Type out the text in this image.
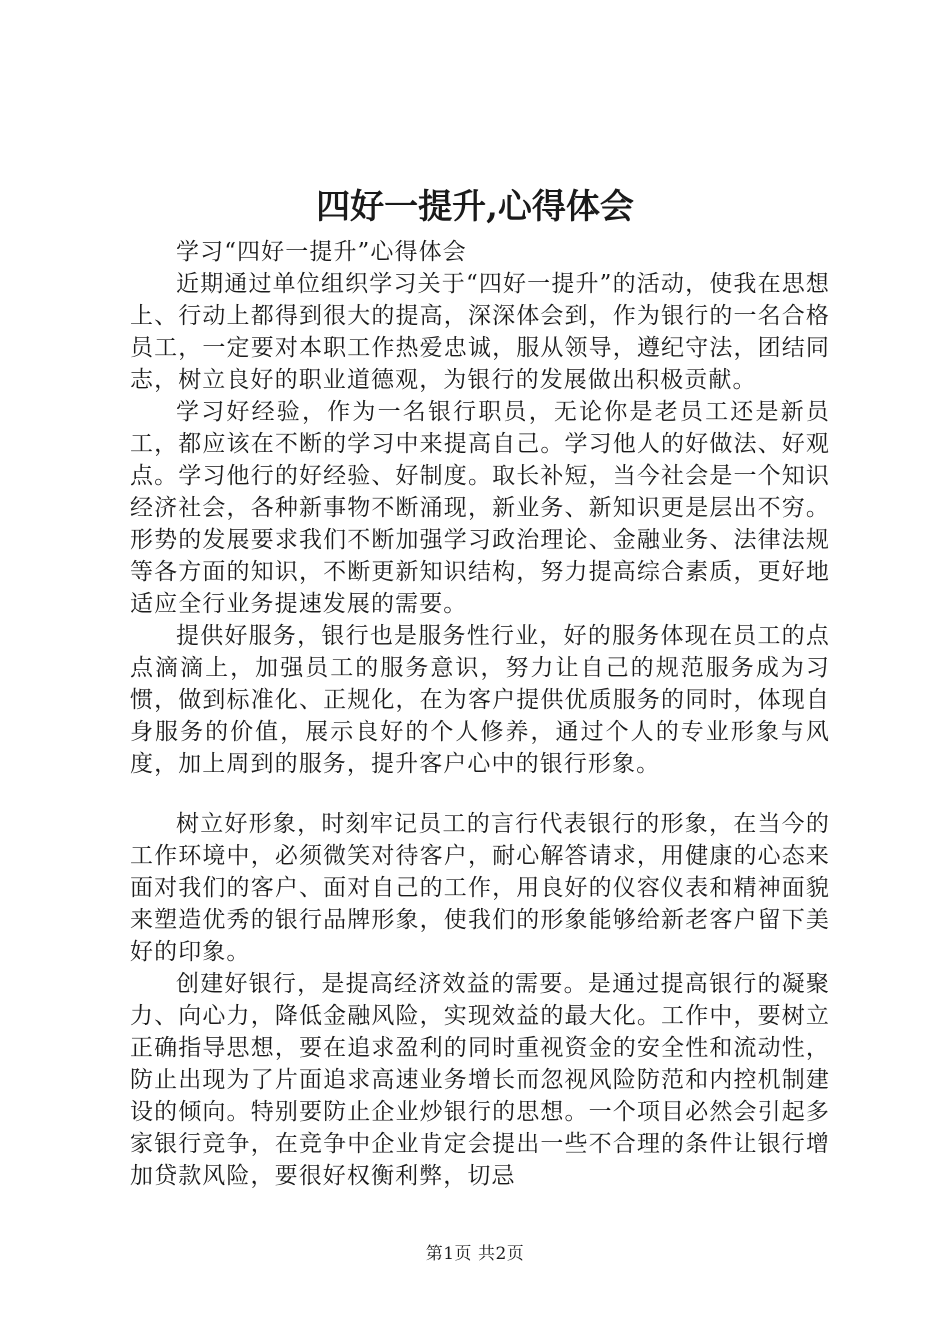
四好一提升,心得体会

学习“四好一提升”心得体会

近期通过单位组织学习关于“四好一提升”的活动，使我在思想上、行动上都得到很大的提高，深深体会到，作为银行的一名合格员工，一定要对本职工作热爱忠诚，服从领导，遵纪守法，团结同志，树立良好的职业道德观，为银行的发展做出积极贡献。

学习好经验，作为一名银行职员，无论你是老员工还是新员工，都应该在不断的学习中来提高自己。学习他人的好做法、好观点。学习他行的好经验、好制度。取长补短，当今社会是一个知识经济社会，各种新事物不断涌现，新业务、新知识更是层出不穷。形势的发展要求我们不断加强学习政治理论、金融业务、法律法规等各方面的知识，不断更新知识结构，努力提高综合素质，更好地适应全行业务提速发展的需要。

提供好服务，银行也是服务性行业，好的服务体现在员工的点点滴滴上，加强员工的服务意识，努力让自己的规范服务成为习惯，做到标准化、正规化，在为客户提供优质服务的同时，体现自身服务的价值，展示良好的个人修养，通过个人的专业形象与风度，加上周到的服务，提升客户心中的银行形象。

树立好形象，时刻牢记员工的言行代表银行的形象，在当今的工作环境中，必须微笑对待客户，耐心解答请求，用健康的心态来面对我们的客户、面对自己的工作，用良好的仪容仪表和精神面貌来塑造优秀的银行品牌形象，使我们的形象能够给新老客户留下美好的印象。

创建好银行，是提高经济效益的需要。是通过提高银行的凝聚力、向心力，降低金融风险，实现效益的最大化。工作中，要树立正确指导思想，要在追求盈利的同时重视资金的安全性和流动性，防止出现为了片面追求高速业务增长而忽视风险防范和内控机制建设的倾向。特别要防止企业炒银行的思想。一个项目必然会引起多家银行竞争，在竞争中企业肯定会提出一些不合理的条件让银行增加贷款风险，要很好权衡利弊，切忌

第1页 共2页
